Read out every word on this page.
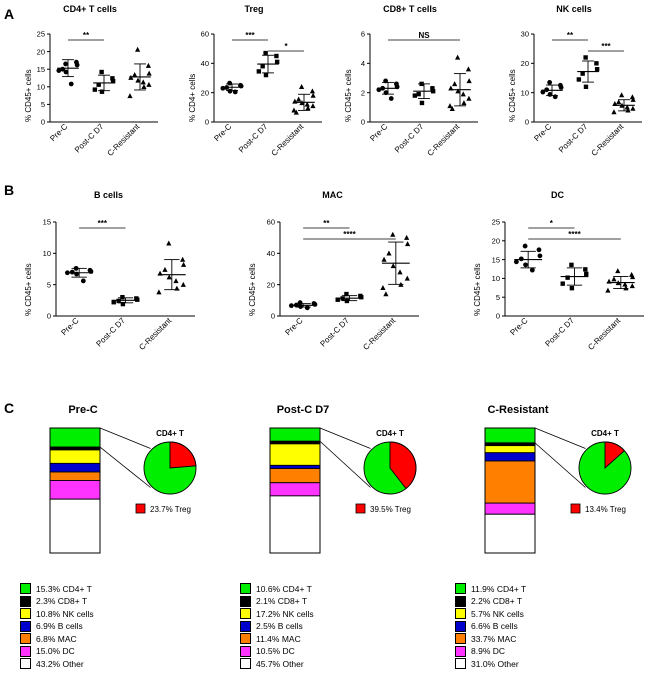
A
B
C
CD4+ T cells
% CD45+ cells
0
5
10
15
20
25
Pre-C Post-C D7 C-Resistant
**
Treg
% CD4+ cells
0
20
40
60
Pre-C Post-C D7 C-Resistant
***
*
CD8+ T cells
% CD45+ cells
0
2
4
6
Pre-C Post-C D7 C-Resistant
NS
NK cells
% CD45+ cells
0
10
20
30
Pre-C Post-C D7 C-Resistant
**
***
B cells
% CD45+ cells
0
5
10
15
Pre-C Post-C D7 C-Resistant
***
MAC
% CD45+ cells
0
20
40
60
Pre-C Post-C D7 C-Resistant
**
****
DC
% CD45+ cells
0
5
10
15
20
25
Pre-C Post-C D7 C-Resistant
*
****
Pre-C
CD4+ T
23.7% Treg
Post-C D7
CD4+ T
39.5% Treg
C-Resistant
CD4+ T
13.4% Treg
15.3% CD4+ T
2.3% CD8+ T
10.8% NK cells
6.9% B cells
6.8% MAC
15.0% DC
43.2% Other
10.6% CD4+ T
2.1% CD8+ T
17.2% NK cells
2.5% B cells
11.4% MAC
10.5% DC
45.7% Other
11.9% CD4+ T
2.2% CD8+ T
5.7% NK cells
6.6% B cells
33.7% MAC
8.9% DC
31.0% Other
